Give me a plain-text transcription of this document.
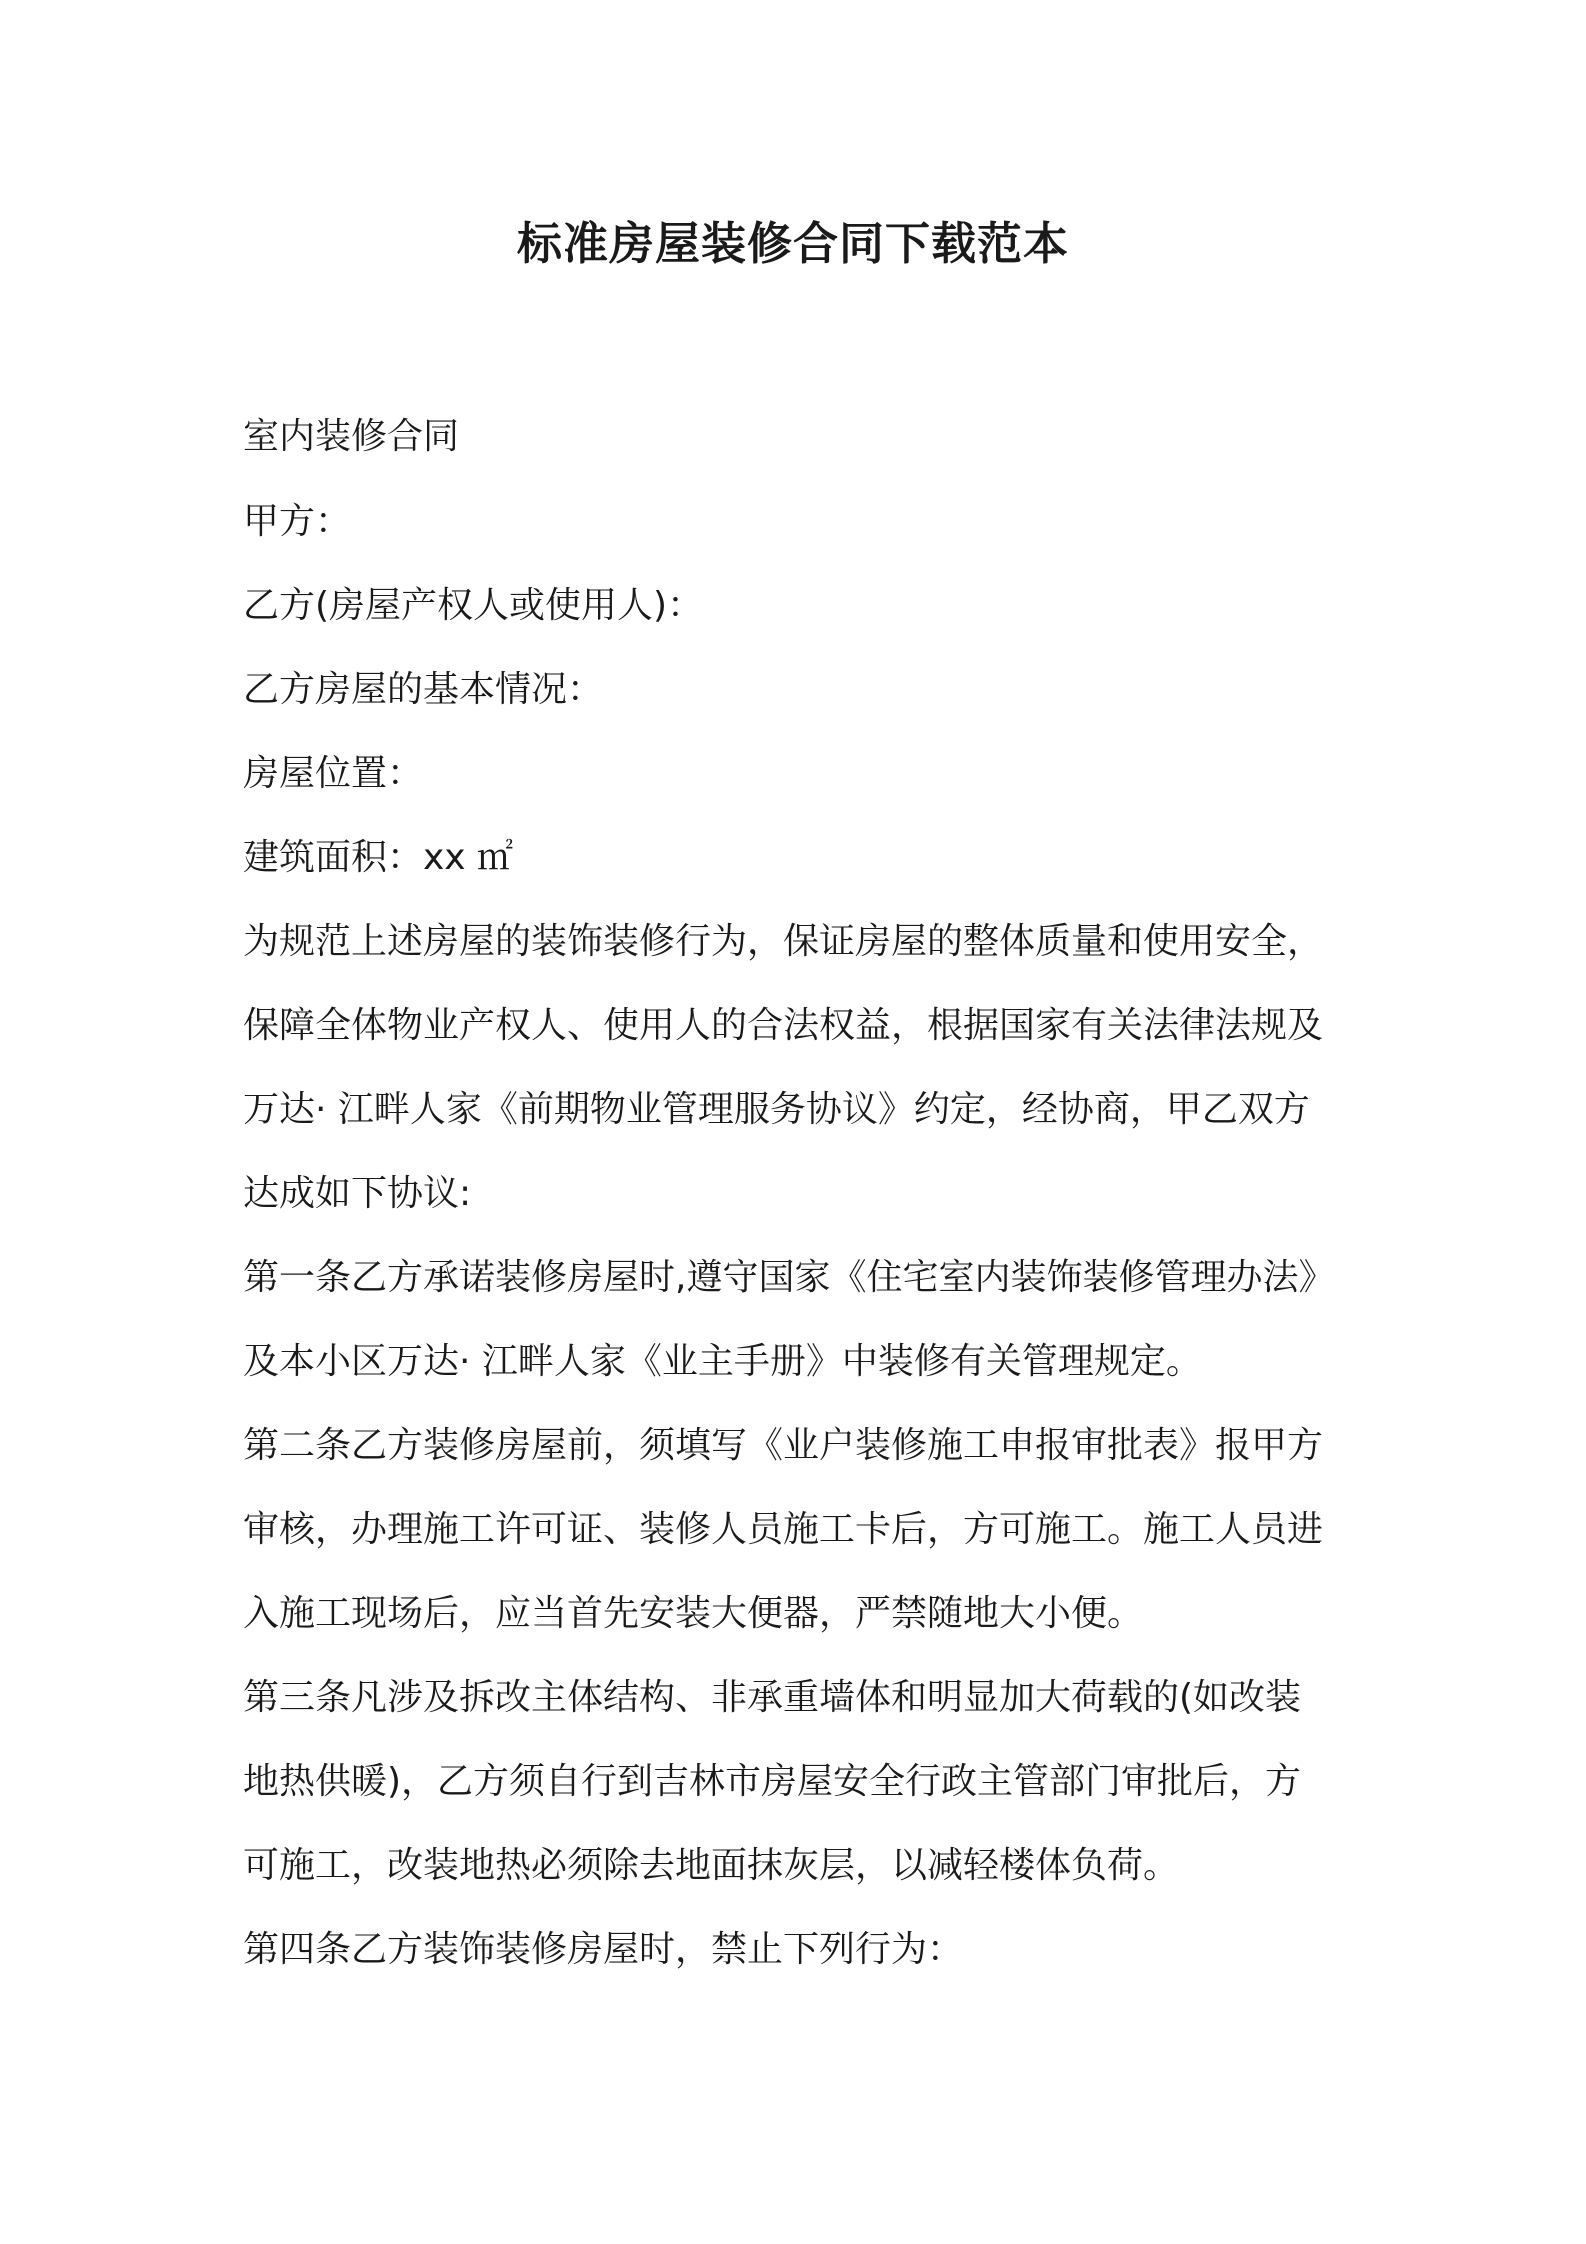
标准房屋装修合同下载范本
室内装修合同
甲方：
乙方(房屋产权人或使用人)：
乙方房屋的基本情况：
房屋位置：
建筑面积：xx ㎡
为规范上述房屋的装饰装修行为，保证房屋的整体质量和使用安全，
保障全体物业产权人、使用人的合法权益，根据国家有关法律法规及
万达· 江畔人家《前期物业管理服务协议》约定，经协商，甲乙双方
达成如下协议:
第一条乙方承诺装修房屋时,遵守国家《住宅室内装饰装修管理办法》
及本小区万达· 江畔人家《业主手册》中装修有关管理规定。
第二条乙方装修房屋前，须填写《业户装修施工申报审批表》报甲方
审核，办理施工许可证、装修人员施工卡后，方可施工。施工人员进
入施工现场后，应当首先安装大便器，严禁随地大小便。
第三条凡涉及拆改主体结构、非承重墙体和明显加大荷载的(如改装
地热供暖)，乙方须自行到吉林市房屋安全行政主管部门审批后，方
可施工，改装地热必须除去地面抹灰层，以减轻楼体负荷。
第四条乙方装饰装修房屋时，禁止下列行为：
